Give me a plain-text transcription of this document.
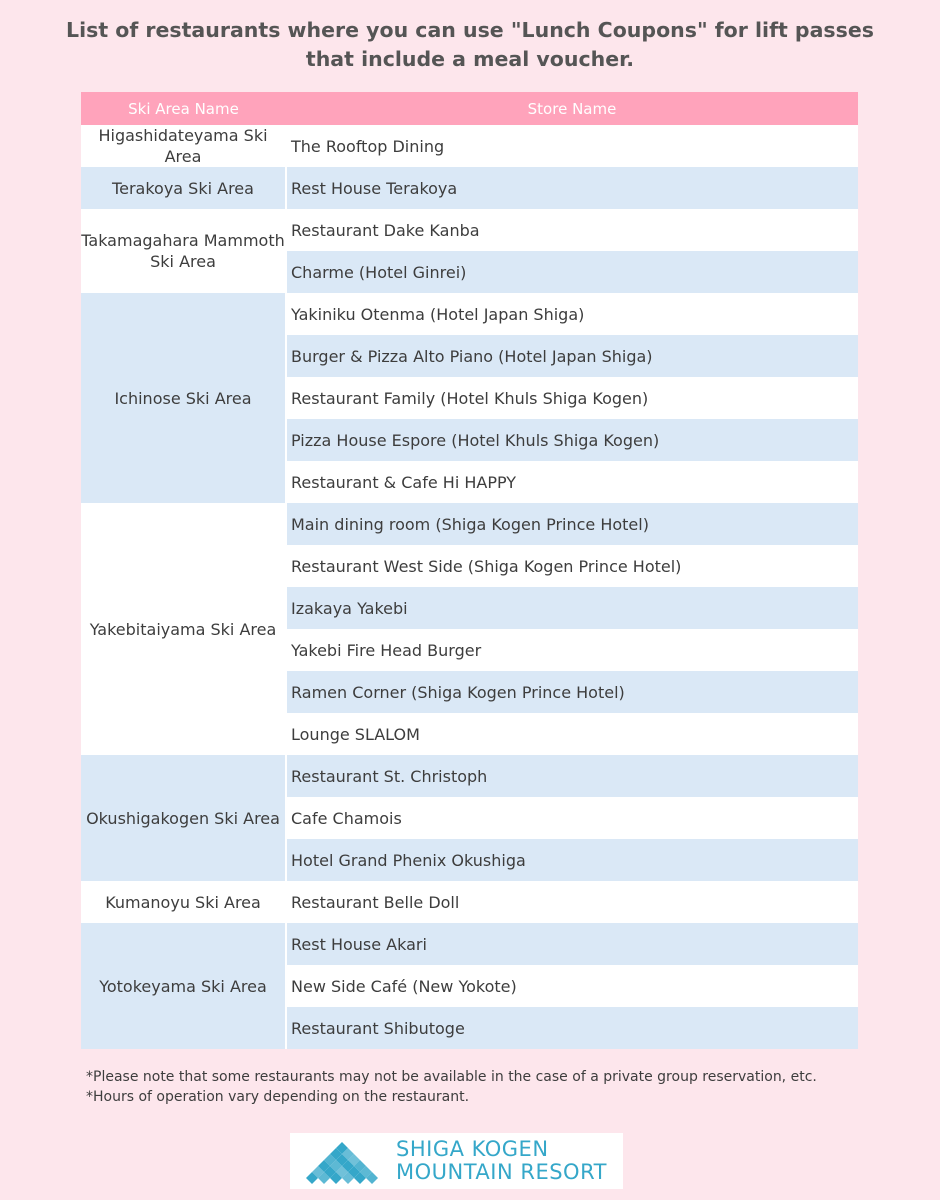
List of restaurants where you can use "Lunch Coupons" for lift passes
that include a meal voucher.
Ski Area Name	Store Name
Higashidateyama Ski Area	The Rooftop Dining
Terakoya Ski Area	Rest House Terakoya
Takamagahara Mammoth Ski Area	Restaurant Dake Kanba
	Charme (Hotel Ginrei)
Ichinose Ski Area	Yakiniku Otenma (Hotel Japan Shiga)
	Burger & Pizza Alto Piano (Hotel Japan Shiga)
	Restaurant Family (Hotel Khuls Shiga Kogen)
	Pizza House Espore (Hotel Khuls Shiga Kogen)
	Restaurant & Cafe Hi HAPPY
Yakebitaiyama Ski Area	Main dining room (Shiga Kogen Prince Hotel)
	Restaurant West Side (Shiga Kogen Prince Hotel)
	Izakaya Yakebi
	Yakebi Fire Head Burger
	Ramen Corner (Shiga Kogen Prince Hotel)
	Lounge SLALOM
Okushigakogen Ski Area	Restaurant St. Christoph
	Cafe Chamois
	Hotel Grand Phenix Okushiga
Kumanoyu Ski Area	Restaurant Belle Doll
Yotokeyama Ski Area	Rest House Akari
	New Side Café (New Yokote)
	Restaurant Shibutoge
*Please note that some restaurants may not be available in the case of a private group reservation, etc.
*Hours of operation vary depending on the restaurant.
SHIGA KOGEN
MOUNTAIN RESORT
